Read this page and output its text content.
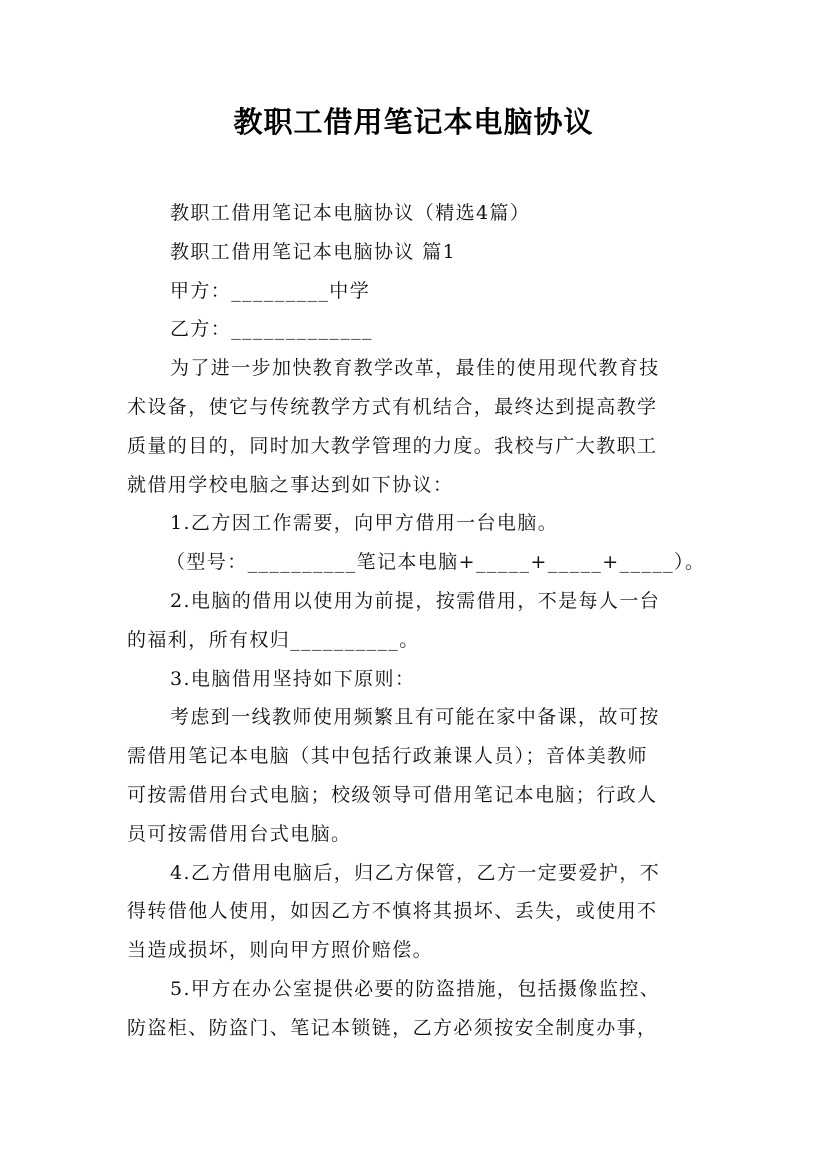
教职工借用笔记本电脑协议
教职工借用笔记本电脑协议（精选4篇）
教职工借用笔记本电脑协议 篇1
甲方：_________中学
乙方：_____________
为了进一步加快教育教学改革，最佳的使用现代教育技
术设备，使它与传统教学方式有机结合，最终达到提高教学
质量的目的，同时加大教学管理的力度。我校与广大教职工
就借用学校电脑之事达到如下协议：
1.乙方因工作需要，向甲方借用一台电脑。
（型号：__________笔记本电脑+_____+_____+_____）。
2.电脑的借用以使用为前提，按需借用，不是每人一台
的福利，所有权归__________。
3.电脑借用坚持如下原则：
考虑到一线教师使用频繁且有可能在家中备课，故可按
需借用笔记本电脑（其中包括行政兼课人员）；音体美教师
可按需借用台式电脑；校级领导可借用笔记本电脑；行政人
员可按需借用台式电脑。
4.乙方借用电脑后，归乙方保管，乙方一定要爱护，不
得转借他人使用，如因乙方不慎将其损坏、丢失，或使用不
当造成损坏，则向甲方照价赔偿。
5.甲方在办公室提供必要的防盗措施，包括摄像监控、
防盗柜、防盗门、笔记本锁链，乙方必须按安全制度办事，
